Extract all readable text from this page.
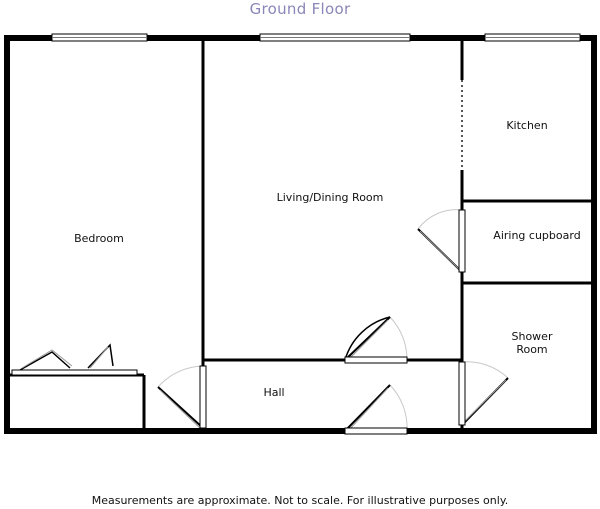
Ground Floor
Bedroom
Living/Dining Room
Kitchen
Airing cupboard
Shower
Room
Hall
Measurements are approximate. Not to scale. For illustrative purposes only.
